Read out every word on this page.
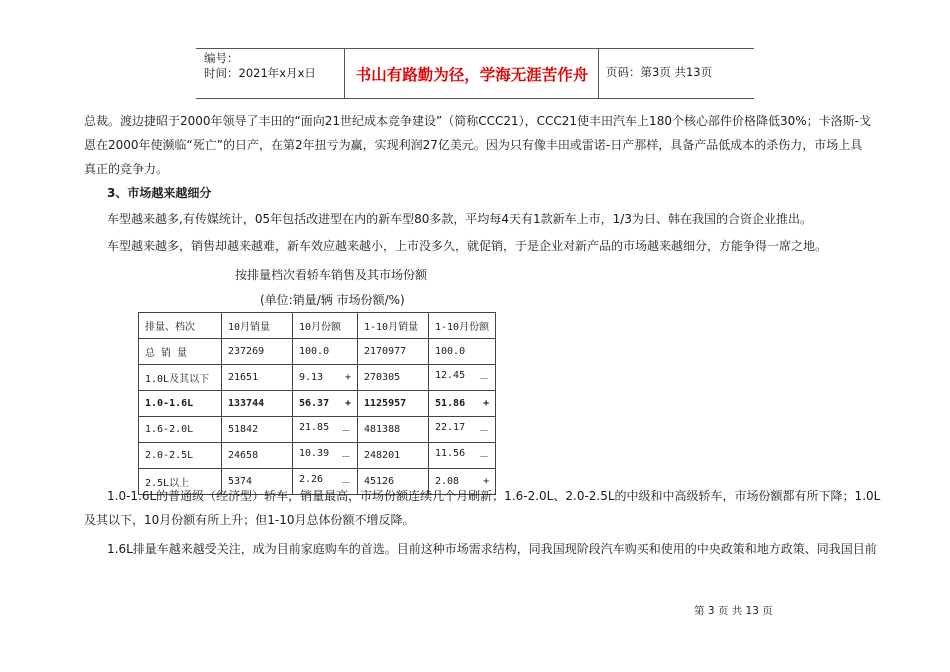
编号：
时间：2021年x月x日	书山有路勤为径，学海无涯苦作舟	页码：第3页 共13页
总裁。渡边捷昭于2000年领导了丰田的“面向21世纪成本竞争建设”（简称CCC21），CCC21使丰田汽车上180个核心部件价格降低30%；卡洛斯-戈
恩在2000年使濒临“死亡”的日产，在第2年扭亏为赢，实现利润27亿美元。因为只有像丰田或雷诺-日产那样，具备产品低成本的杀伤力，市场上具
真正的竞争力。
3、市场越来越细分
车型越来越多,有传媒统计，05年包括改进型在内的新车型80多款，平均每4天有1款新车上市，1/3为日、韩在我国的合资企业推出。
车型越来越多，销售却越来越难，新车效应越来越小，上市没多久，就促销，于是企业对新产品的市场越来越细分，方能争得一席之地。
按排量档次看轿车销售及其市场份额
(单位:销量/辆 市场份额/%)
排量、档次	10月销量	10月份额	1-10月销量	1-10月份额
总 销 量	237269	100.0	2170977	100.0

1.0L及其以下	21651	9.13 +	270305	12.45 －

1.0-1.6L	133744	56.37 +	1125957	51.86 +

1.6-2.0L	51842	21.85 －	481388	22.17 －

2.0-2.5L	24658	10.39 －	248201	11.56 －

2.5L以上	5374	2.26 －	45126	2.08 +
1.0-1.6L的普通级（经济型）轿车，销量最高，市场份额连续几个月刷新；1.6-2.0L、2.0-2.5L的中级和中高级轿车，市场份额都有所下降；1.0L
及其以下，10月份额有所上升；但1-10月总体份额不增反降。
1.6L排量车越来越受关注，成为目前家庭购车的首选。目前这种市场需求结构，同我国现阶段汽车购买和使用的中央政策和地方政策、同我国目前
第 3 页 共 13 页
